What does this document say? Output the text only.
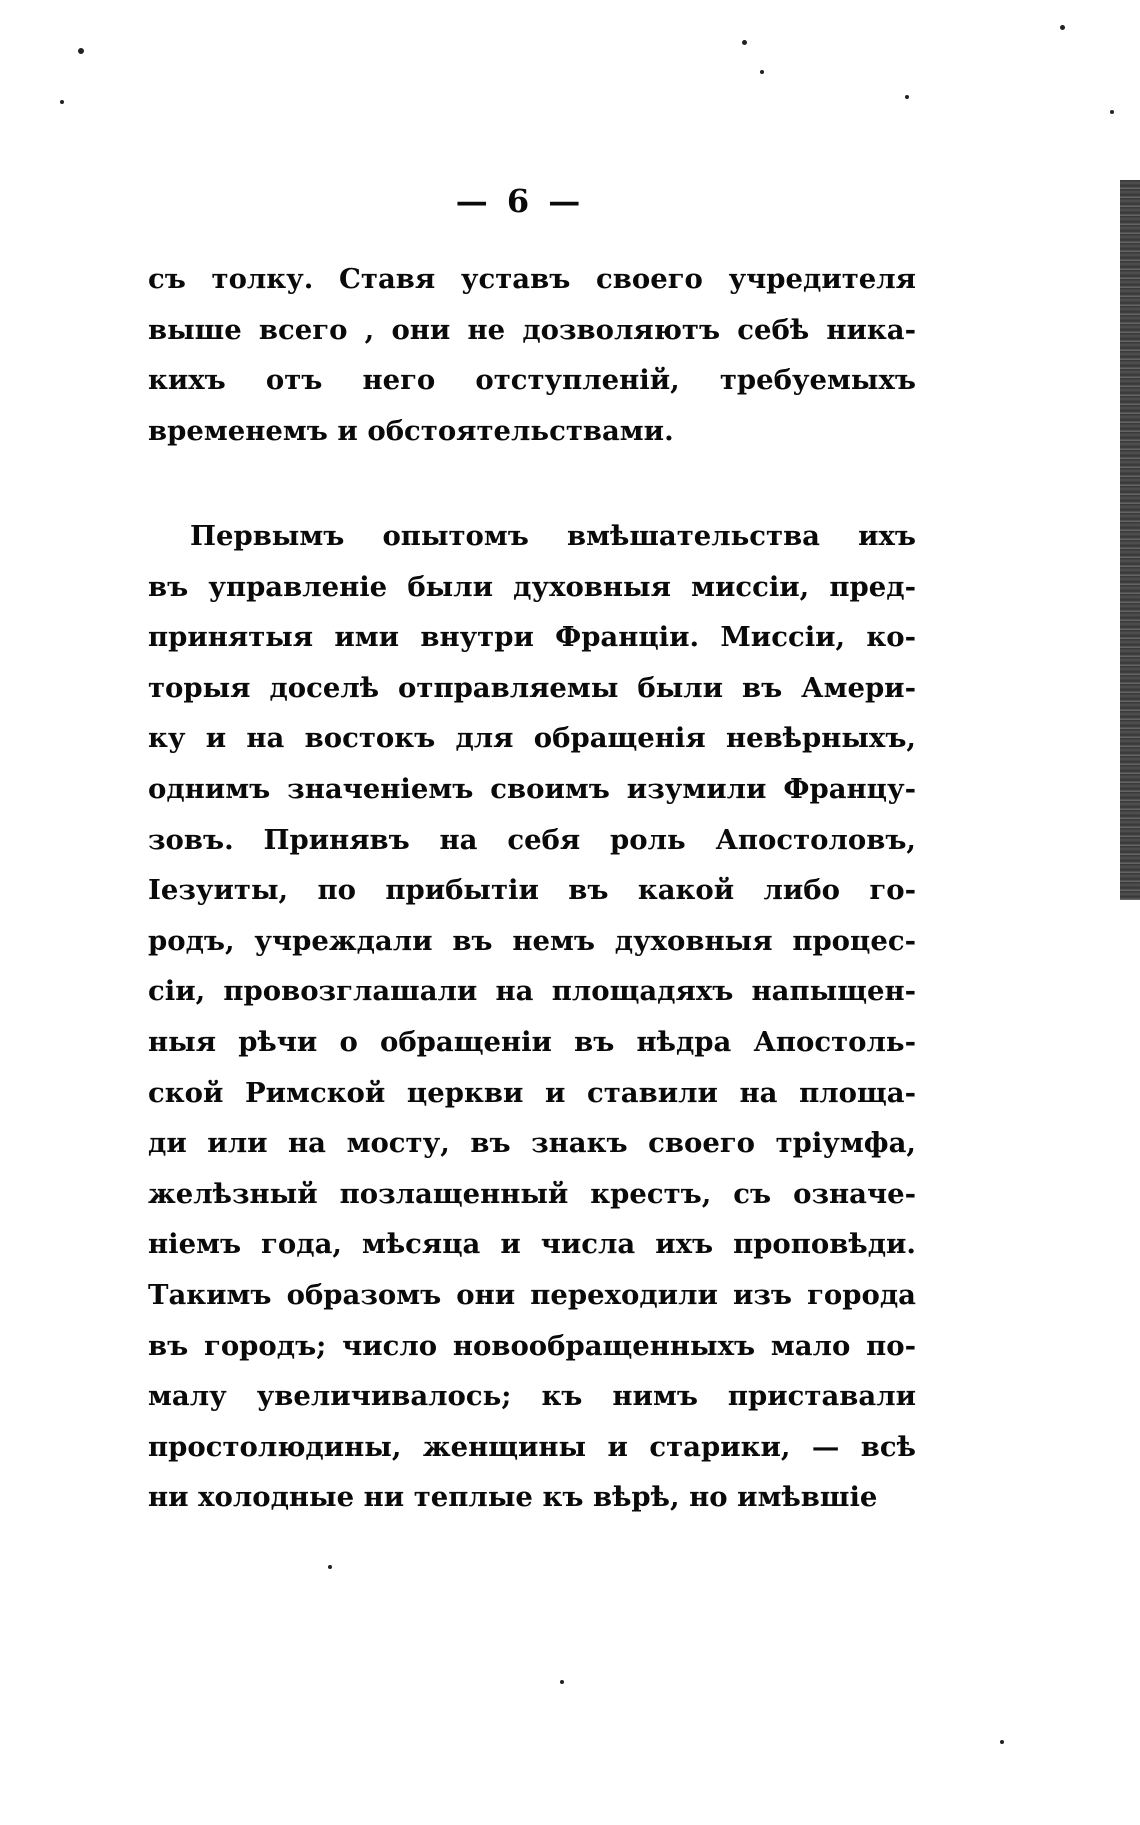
— 6 —
съ толку. Ставя уставъ своего учредителя
выше всего , они не дозволяютъ себѣ ника-
кихъ отъ него отступленій, требуемыхъ
временемъ и обстоятельствами.
Первымъ опытомъ вмѣшательства ихъ
въ управленіе были духовныя миссіи, пред-
принятыя ими внутри Франціи. Миссіи, ко-
торыя доселѣ отправляемы были въ Амери-
ку и на востокъ для обращенія невѣрныхъ,
однимъ значеніемъ своимъ изумили Францу-
зовъ. Принявъ на себя роль Апостоловъ,
Іезуиты, по прибытіи въ какой либо го-
родъ, учреждали въ немъ духовныя процес-
сіи, провозглашали на площадяхъ напыщен-
ныя рѣчи о обращеніи въ нѣдра Апостоль-
ской Римской церкви и ставили на площа-
ди или на мосту, въ знакъ своего тріумфа,
желѣзный позлащенный крестъ, съ означе-
ніемъ года, мѣсяца и числа ихъ проповѣди.
Такимъ образомъ они переходили изъ города
въ городъ; число новообращенныхъ мало по-
малу увеличивалось; къ нимъ приставали
простолюдины, женщины и старики, — всѣ
ни холодные ни теплые къ вѣрѣ, но имѣвшіе
